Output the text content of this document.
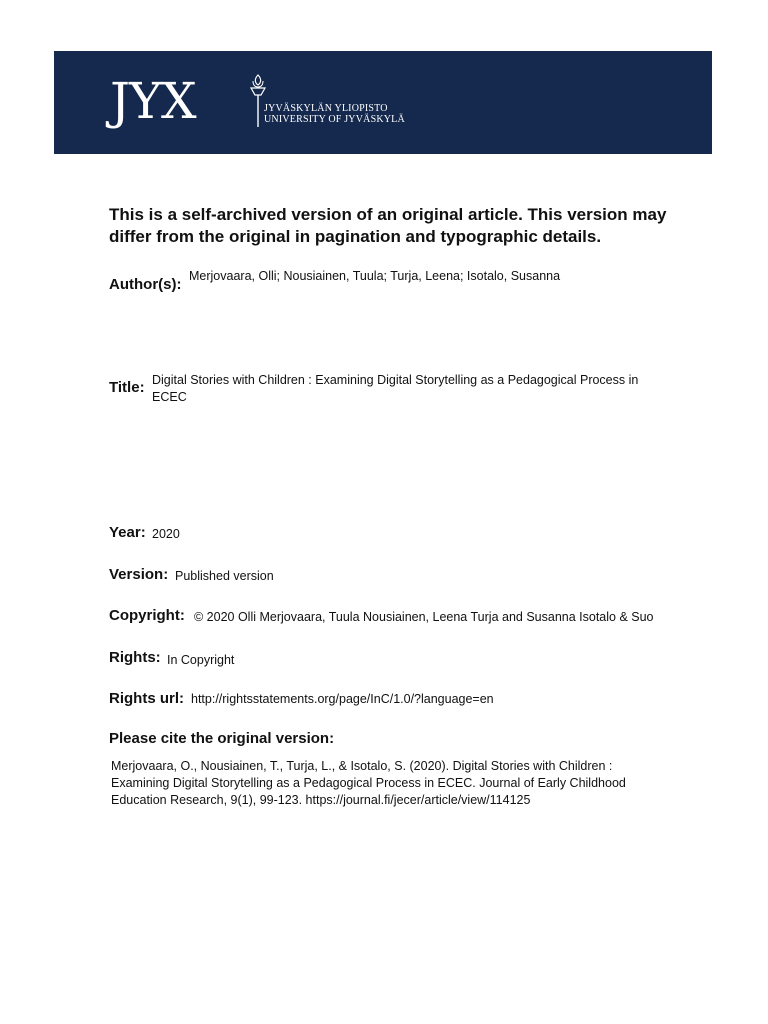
JYX	JYVÄSKYLÄN YLIOPISTO
UNIVERSITY OF JYVÄSKYLÄ
This is a self-archived version of an original article. This version may differ from the original in pagination and typographic details.
Author(s): Merjovaara, Olli; Nousiainen, Tuula; Turja, Leena; Isotalo, Susanna
Title: Digital Stories with Children : Examining Digital Storytelling as a Pedagogical Process in ECEC
Year: 2020
Version: Published version
Copyright: © 2020 Olli Merjovaara, Tuula Nousiainen, Leena Turja and Susanna Isotalo & Suo
Rights: In Copyright
Rights url: http://rightsstatements.org/page/InC/1.0/?language=en
Please cite the original version:
Merjovaara, O., Nousiainen, T., Turja, L., & Isotalo, S. (2020). Digital Stories with Children : Examining Digital Storytelling as a Pedagogical Process in ECEC. Journal of Early Childhood Education Research, 9(1), 99-123. https://journal.fi/jecer/article/view/114125
